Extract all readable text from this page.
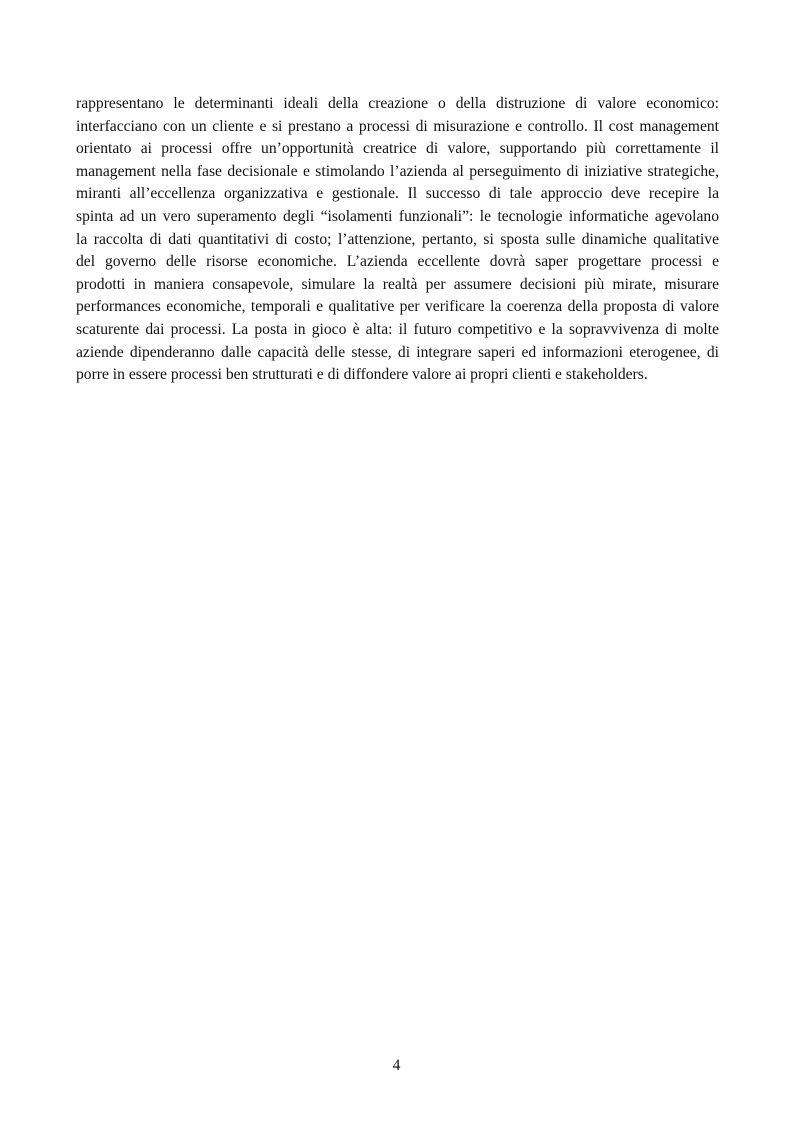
rappresentano le determinanti ideali della creazione o della distruzione di valore economico:
interfacciano con un cliente e si prestano a processi di misurazione e controllo. Il cost management
orientato ai processi offre un’opportunità creatrice di valore, supportando più correttamente il
management nella fase decisionale e stimolando l’azienda al perseguimento di iniziative strategiche,
miranti all’eccellenza organizzativa e gestionale. Il successo di tale approccio deve recepire la
spinta ad un vero superamento degli “isolamenti funzionali”: le tecnologie informatiche agevolano
la raccolta di dati quantitativi di costo; l’attenzione, pertanto, si sposta sulle dinamiche qualitative
del governo delle risorse economiche. L’azienda eccellente dovrà saper progettare processi e
prodotti in maniera consapevole, simulare la realtà per assumere decisioni più mirate, misurare
performances economiche, temporali e qualitative per verificare la coerenza della proposta di valore
scaturente dai processi. La posta in gioco è alta: il futuro competitivo e la sopravvivenza di molte
aziende dipenderanno dalle capacità delle stesse, di integrare saperi ed informazioni eterogenee, di
porre in essere processi ben strutturati e di diffondere valore ai propri clienti e stakeholders.
4
